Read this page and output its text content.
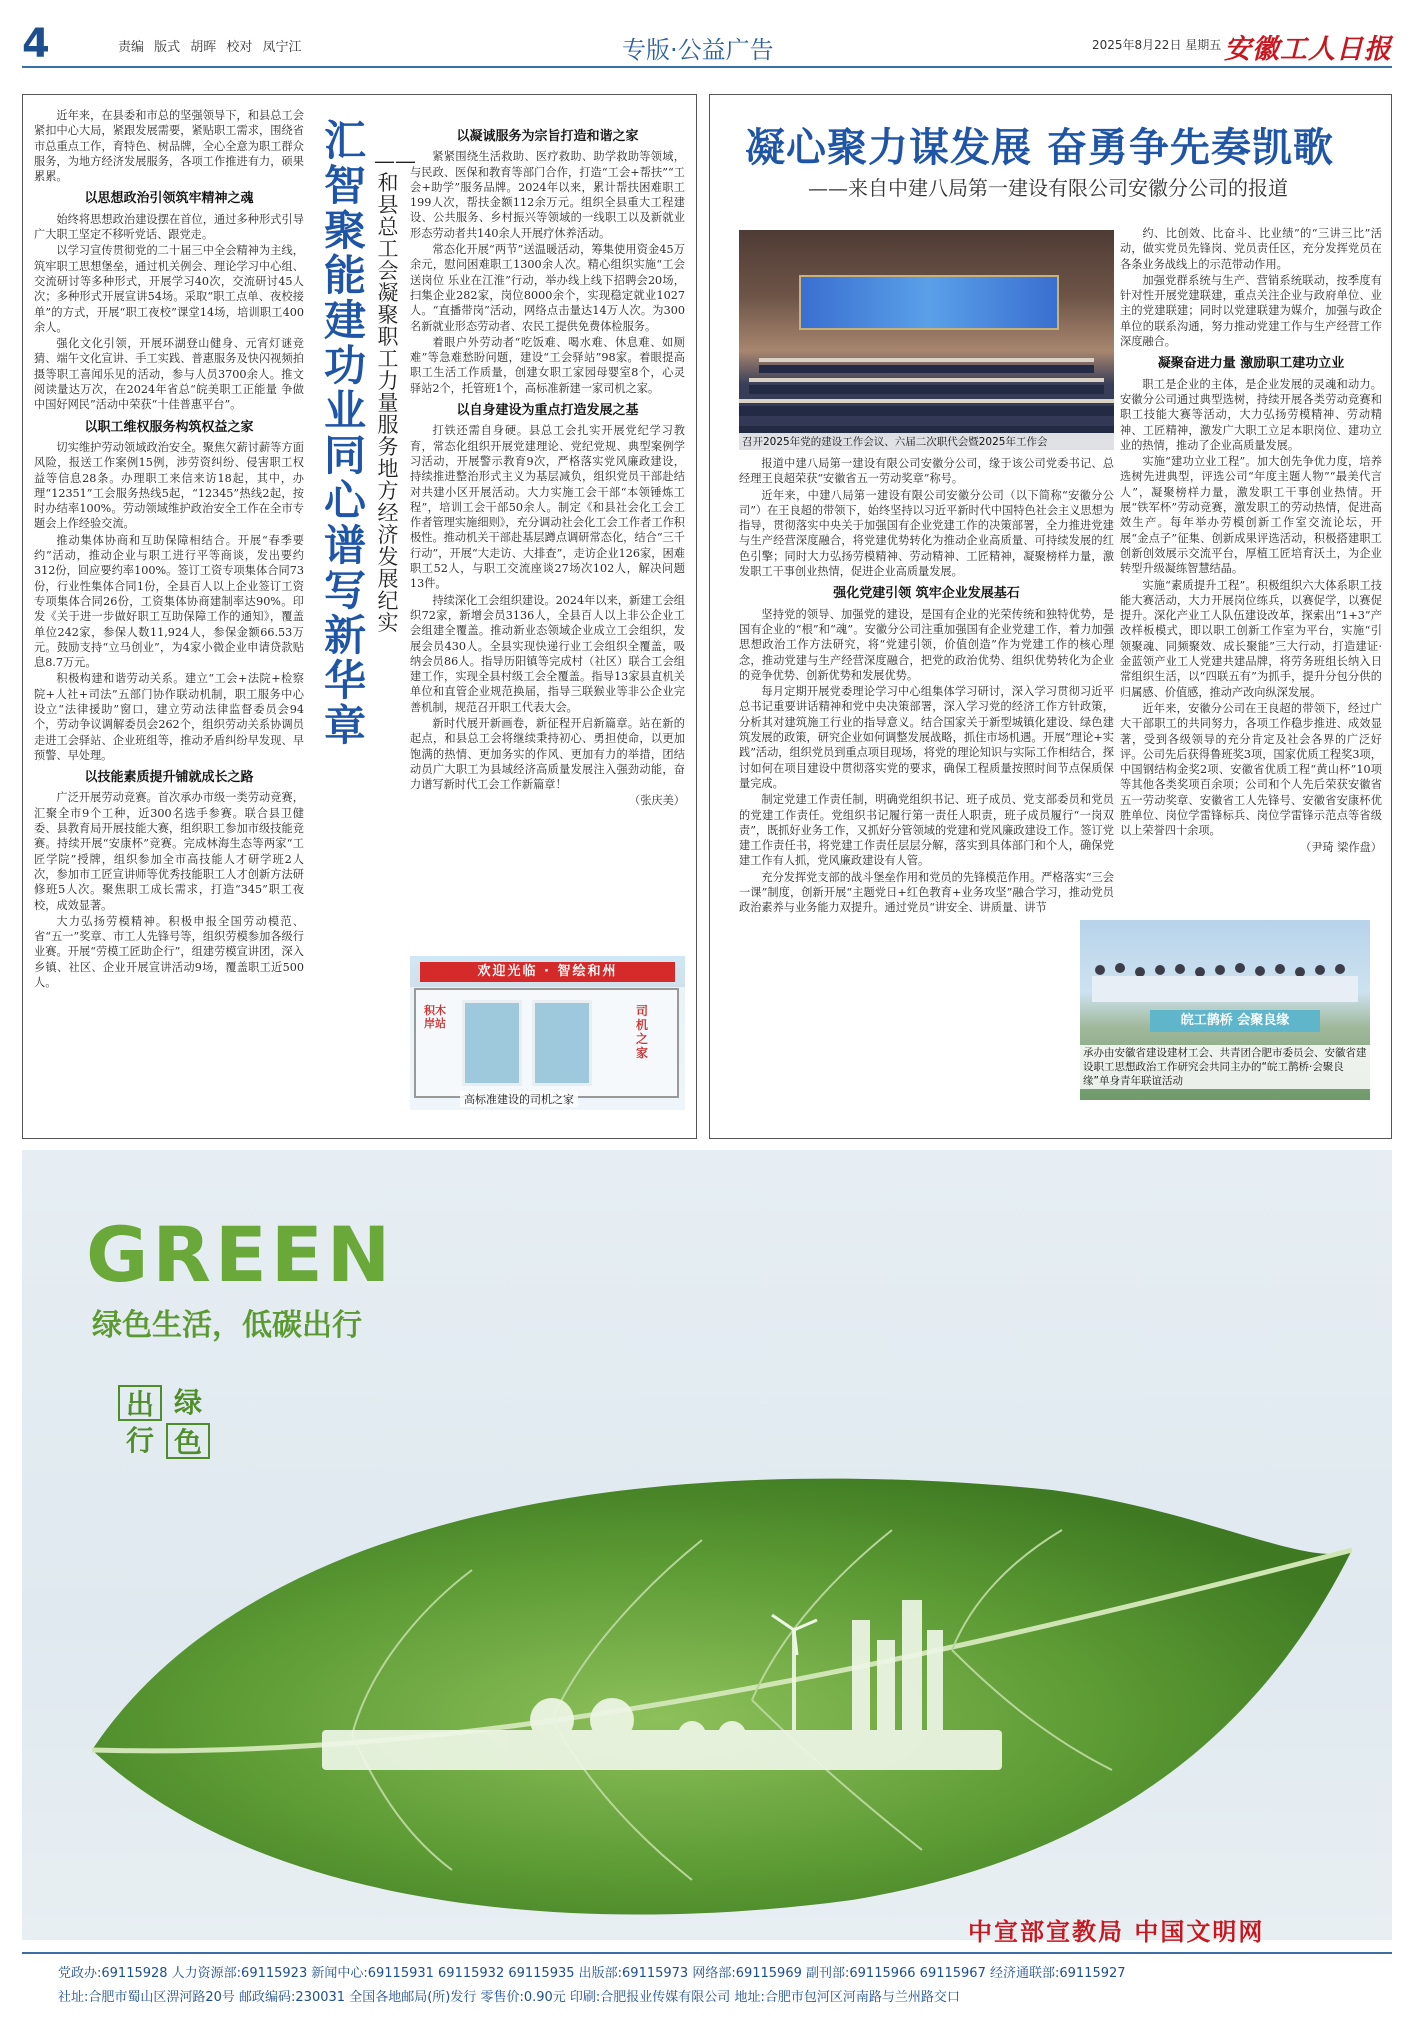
4	责编 版式 胡晖 校对 凤宁江	专版·公益广告	2025年8月22日 星期五 安徽工人日报
汇智聚能建功业 同心谱写新华章
——和县总工会凝聚职工力量服务地方经济发展纪实

近年来，在县委和市总的坚强领导下，和县总工会紧扣中心大局，紧跟发展需要，紧贴职工需求，围绕省市总重点工作，育特色、树品牌，全心全意为职工群众服务，为地方经济发展服务，各项工作推进有力，硕果累累。

以思想政治引领筑牢精神之魂

始终将思想政治建设摆在首位，通过多种形式引导广大职工坚定不移听党话、跟党走。

以学习宣传贯彻党的二十届三中全会精神为主线，筑牢职工思想堡垒，通过机关例会、理论学习中心组、交流研讨等多种形式，开展学习40次，交流研讨45人次；多种形式开展宣讲54场。采取“职工点单、夜校接单”的方式，开展“职工夜校”课堂14场，培训职工400余人。

强化文化引领，开展环湖登山健身、元宵灯谜竞猜、端午文化宣讲、手工实践、普惠服务及快闪视频拍摄等职工喜闻乐见的活动，参与人员3700余人。推文阅读量达万次，在2024年省总“皖美职工正能量 争做中国好网民”活动中荣获“十佳普惠平台”。

以职工维权服务构筑权益之家

切实维护劳动领域政治安全。聚焦欠薪讨薪等方面风险，报送工作案例15例，涉劳资纠纷、侵害职工权益等信息28条。办理职工来信来访18起，其中，办理“12351”工会服务热线5起，“12345”热线2起，按时办结率100%。劳动领域维护政治安全工作在全市专题会上作经验交流。

推动集体协商和互助保障相结合。开展“春季要约”活动，推动企业与职工进行平等商谈，发出要约312份，回应要约率100%。签订工资专项集体合同73份，行业性集体合同1份，全县百人以上企业签订工资专项集体合同26份，工资集体协商建制率达90%。印发《关于进一步做好职工互助保障工作的通知》，覆盖单位242家，参保人数11,924人，参保金额66.53万元。鼓励支持“立马创业”，为4家小微企业申请贷款贴息8.7万元。

积极构建和谐劳动关系。建立“工会+法院+检察院+人社+司法”五部门协作联动机制，职工服务中心设立“法律援助”窗口，建立劳动法律监督委员会94个，劳动争议调解委员会262个，组织劳动关系协调员走进工会驿站、企业班组等，推动矛盾纠纷早发现、早预警、早处理。

以技能素质提升铺就成长之路

广泛开展劳动竞赛。首次承办市级一类劳动竞赛，汇聚全市9个工种，近300名选手参赛。联合县卫健委、县教育局开展技能大赛，组织职工参加市级技能竞赛。持续开展“安康杯”竞赛。完成林海生态等两家“工匠学院”授牌，组织参加全市高技能人才研学班2人次，参加市工匠宣讲师等优秀技能职工人才创新方法研修班5人次。聚焦职工成长需求，打造“345”职工夜校，成效显著。

大力弘扬劳模精神。积极申报全国劳动模范、省“五一”奖章、市工人先锋号等，组织劳模参加各级行业赛。开展“劳模工匠助企行”，组建劳模宣讲团，深入乡镇、社区、企业开展宣讲活动9场，覆盖职工近500人。

以凝诚服务为宗旨打造和谐之家

紧紧围绕生活救助、医疗救助、助学救助等领域，与民政、医保和教育等部门合作，打造“工会+帮扶”“工会+助学”服务品牌。2024年以来，累计帮扶困难职工199人次，帮扶金额112余万元。组织全县重大工程建设、公共服务、乡村振兴等领域的一线职工以及新就业形态劳动者共140余人开展疗休养活动。

常态化开展“两节”送温暖活动，筹集使用资金45万余元，慰问困难职工1300余人次。精心组织实施“工会送岗位 乐业在江淮”行动，举办线上线下招聘会20场，扫集企业282家，岗位8000余个，实现稳定就业1027人。“直播带岗”活动，网络点击量达14万人次。为300名新就业形态劳动者、农民工提供免费体检服务。

着眼户外劳动者“吃饭难、喝水难、休息难、如厕难”等急难愁盼问题，建设“工会驿站”98家。着眼提高职工生活工作质量，创建女职工家园母婴室8个，心灵驿站2个，托管班1个，高标准新建一家司机之家。

以自身建设为重点打造发展之基

打铁还需自身硬。县总工会扎实开展党纪学习教育，常态化组织开展党建理论、党纪党规、典型案例学习活动，开展警示教育9次，严格落实党风廉政建设，持续推进整治形式主义为基层减负，组织党员干部赴结对共建小区开展活动。大力实施工会干部“本领锤炼工程”，培训工会干部50余人。制定《和县社会化工会工作者管理实施细则》，充分调动社会化工会工作者工作积极性。推动机关干部赴基层蹲点调研常态化，结合“三千行动”，开展“大走访、大排查”，走访企业126家，困难职工52人，与职工交流座谈27场次102人，解决问题13件。

持续深化工会组织建设。2024年以来，新建工会组织72家，新增会员3136人，全县百人以上非公企业工会组建全覆盖。推动新业态领域企业成立工会组织，发展会员430人。全县实现快递行业工会组织全覆盖，吸纳会员86人。指导历阳镇等完成村（社区）联合工会组建工作，实现全县村级工会全覆盖。指导13家县直机关单位和直管企业规范换届，指导三联猴业等非公企业完善机制，规范召开职工代表大会。

新时代展开新画卷，新征程开启新篇章。站在新的起点，和县总工会将继续秉持初心、勇担使命，以更加饱满的热情、更加务实的作风、更加有力的举措，团结动员广大职工为县域经济高质量发展注入强劲动能，奋力谱写新时代工会工作新篇章！

（张庆美）

欢迎光临 · 智绘和州
积木岸站
司机之家
高标准建设的司机之家
凝心聚力谋发展 奋勇争先奏凯歌
——来自中建八局第一建设有限公司安徽分公司的报道
召开2025年党的建设工作会议、六届二次职代会暨2025年工作会

报道中建八局第一建设有限公司安徽分公司，缘于该公司党委书记、总经理王良超荣获“安徽省五一劳动奖章”称号。

近年来，中建八局第一建设有限公司安徽分公司（以下简称“安徽分公司”）在王良超的带领下，始终坚持以习近平新时代中国特色社会主义思想为指导，贯彻落实中央关于加强国有企业党建工作的决策部署，全力推进党建与生产经营深度融合，将党建优势转化为推动企业高质量、可持续发展的红色引擎；同时大力弘扬劳模精神、劳动精神、工匠精神，凝聚榜样力量，激发职工干事创业热情，促进企业高质量发展。

强化党建引领 筑牢企业发展基石

坚持党的领导、加强党的建设，是国有企业的光荣传统和独特优势，是国有企业的“根”和“魂”。安徽分公司注重加强国有企业党建工作，着力加强思想政治工作方法研究，将“党建引领，价值创造”作为党建工作的核心理念，推动党建与生产经营深度融合，把党的政治优势、组织优势转化为企业的竞争优势、创新优势和发展优势。

每月定期开展党委理论学习中心组集体学习研讨，深入学习贯彻习近平总书记重要讲话精神和党中央决策部署，深入学习党的经济工作方针政策，分析其对建筑施工行业的指导意义。结合国家关于新型城镇化建设、绿色建筑发展的政策，研究企业如何调整发展战略，抓住市场机遇。开展“理论+实践”活动，组织党员到重点项目现场，将党的理论知识与实际工作相结合，探讨如何在项目建设中贯彻落实党的要求，确保工程质量按照时间节点保质保量完成。

制定党建工作责任制，明确党组织书记、班子成员、党支部委员和党员的党建工作责任。党组织书记履行第一责任人职责，班子成员履行“一岗双责”，既抓好业务工作，又抓好分管领域的党建和党风廉政建设工作。签订党建工作责任书，将党建工作责任层层分解，落实到具体部门和个人，确保党建工作有人抓，党风廉政建设有人管。

充分发挥党支部的战斗堡垒作用和党员的先锋模范作用。严格落实“三会一课”制度，创新开展“主题党日+红色教育+业务攻坚”融合学习，推动党员政治素养与业务能力双提升。通过党员“讲安全、讲质量、讲节

约、比创效、比奋斗、比业绩”的“三讲三比”活动，做实党员先锋岗、党员责任区，充分发挥党员在各条业务战线上的示范带动作用。

加强党群系统与生产、营销系统联动，按季度有针对性开展党建联建，重点关注企业与政府单位、业主的党建联建；同时以党建联建为媒介，加强与政企单位的联系沟通，努力推动党建工作与生产经营工作深度融合。

凝聚奋进力量 激励职工建功立业

职工是企业的主体，是企业发展的灵魂和动力。安徽分公司通过典型选树，持续开展各类劳动竞赛和职工技能大赛等活动，大力弘扬劳模精神、劳动精神、工匠精神，激发广大职工立足本职岗位、建功立业的热情，推动了企业高质量发展。

实施“建功立业工程”。加大创先争优力度，培养选树先进典型，评选公司“年度主题人物”“最美代言人”，凝聚榜样力量，激发职工干事创业热情。开展“铁军杯”劳动竞赛，激发职工的劳动热情，促进高效生产。每年举办劳模创新工作室交流论坛，开展“金点子”征集、创新成果评选活动，积极搭建职工创新创效展示交流平台，厚植工匠培育沃土，为企业转型升级凝练智慧结晶。

实施“素质提升工程”。积极组织六大体系职工技能大赛活动，大力开展岗位练兵，以赛促学，以赛促提升。深化产业工人队伍建设改革，探索出“1+3”产改样板模式，即以职工创新工作室为平台，实施“引领聚魂、同频聚效、成长聚能”三大行动，打造建证·金蓝领产业工人党建共建品牌，将劳务班组长纳入日常组织生活，以“四联五有”为抓手，提升分包分供的归属感、价值感，推动产改向纵深发展。

近年来，安徽分公司在王良超的带领下，经过广大干部职工的共同努力，各项工作稳步推进、成效显著，受到各级领导的充分肯定及社会各界的广泛好评。公司先后获得鲁班奖3项，国家优质工程奖3项，中国钢结构金奖2项、安徽省优质工程“黄山杯”10项等其他各类奖项百余项；公司和个人先后荣获安徽省五一劳动奖章、安徽省工人先锋号、安徽省安康杯优胜单位、岗位学雷锋标兵、岗位学雷锋示范点等省级以上荣誉四十余项。

（尹琦 梁作盘）

皖工鹊桥 会聚良缘
承办由安徽省建设建材工会、共青团合肥市委员会、安徽省建设职工思想政治工作研究会共同主办的“皖工鹊桥·会聚良缘”单身青年联谊活动
GREEN
绿色生活，低碳出行
出 绿
行 色
中宣部宣教局 中国文明网
党政办:69115928 人力资源部:69115923 新闻中心:69115931 69115932 69115935 出版部:69115973 网络部:69115969 副刊部:69115966 69115967 经济通联部:69115927
社址:合肥市蜀山区淠河路20号 邮政编码:230031 全国各地邮局(所)发行 零售价:0.90元 印刷:合肥报业传媒有限公司 地址:合肥市包河区河南路与兰州路交口
